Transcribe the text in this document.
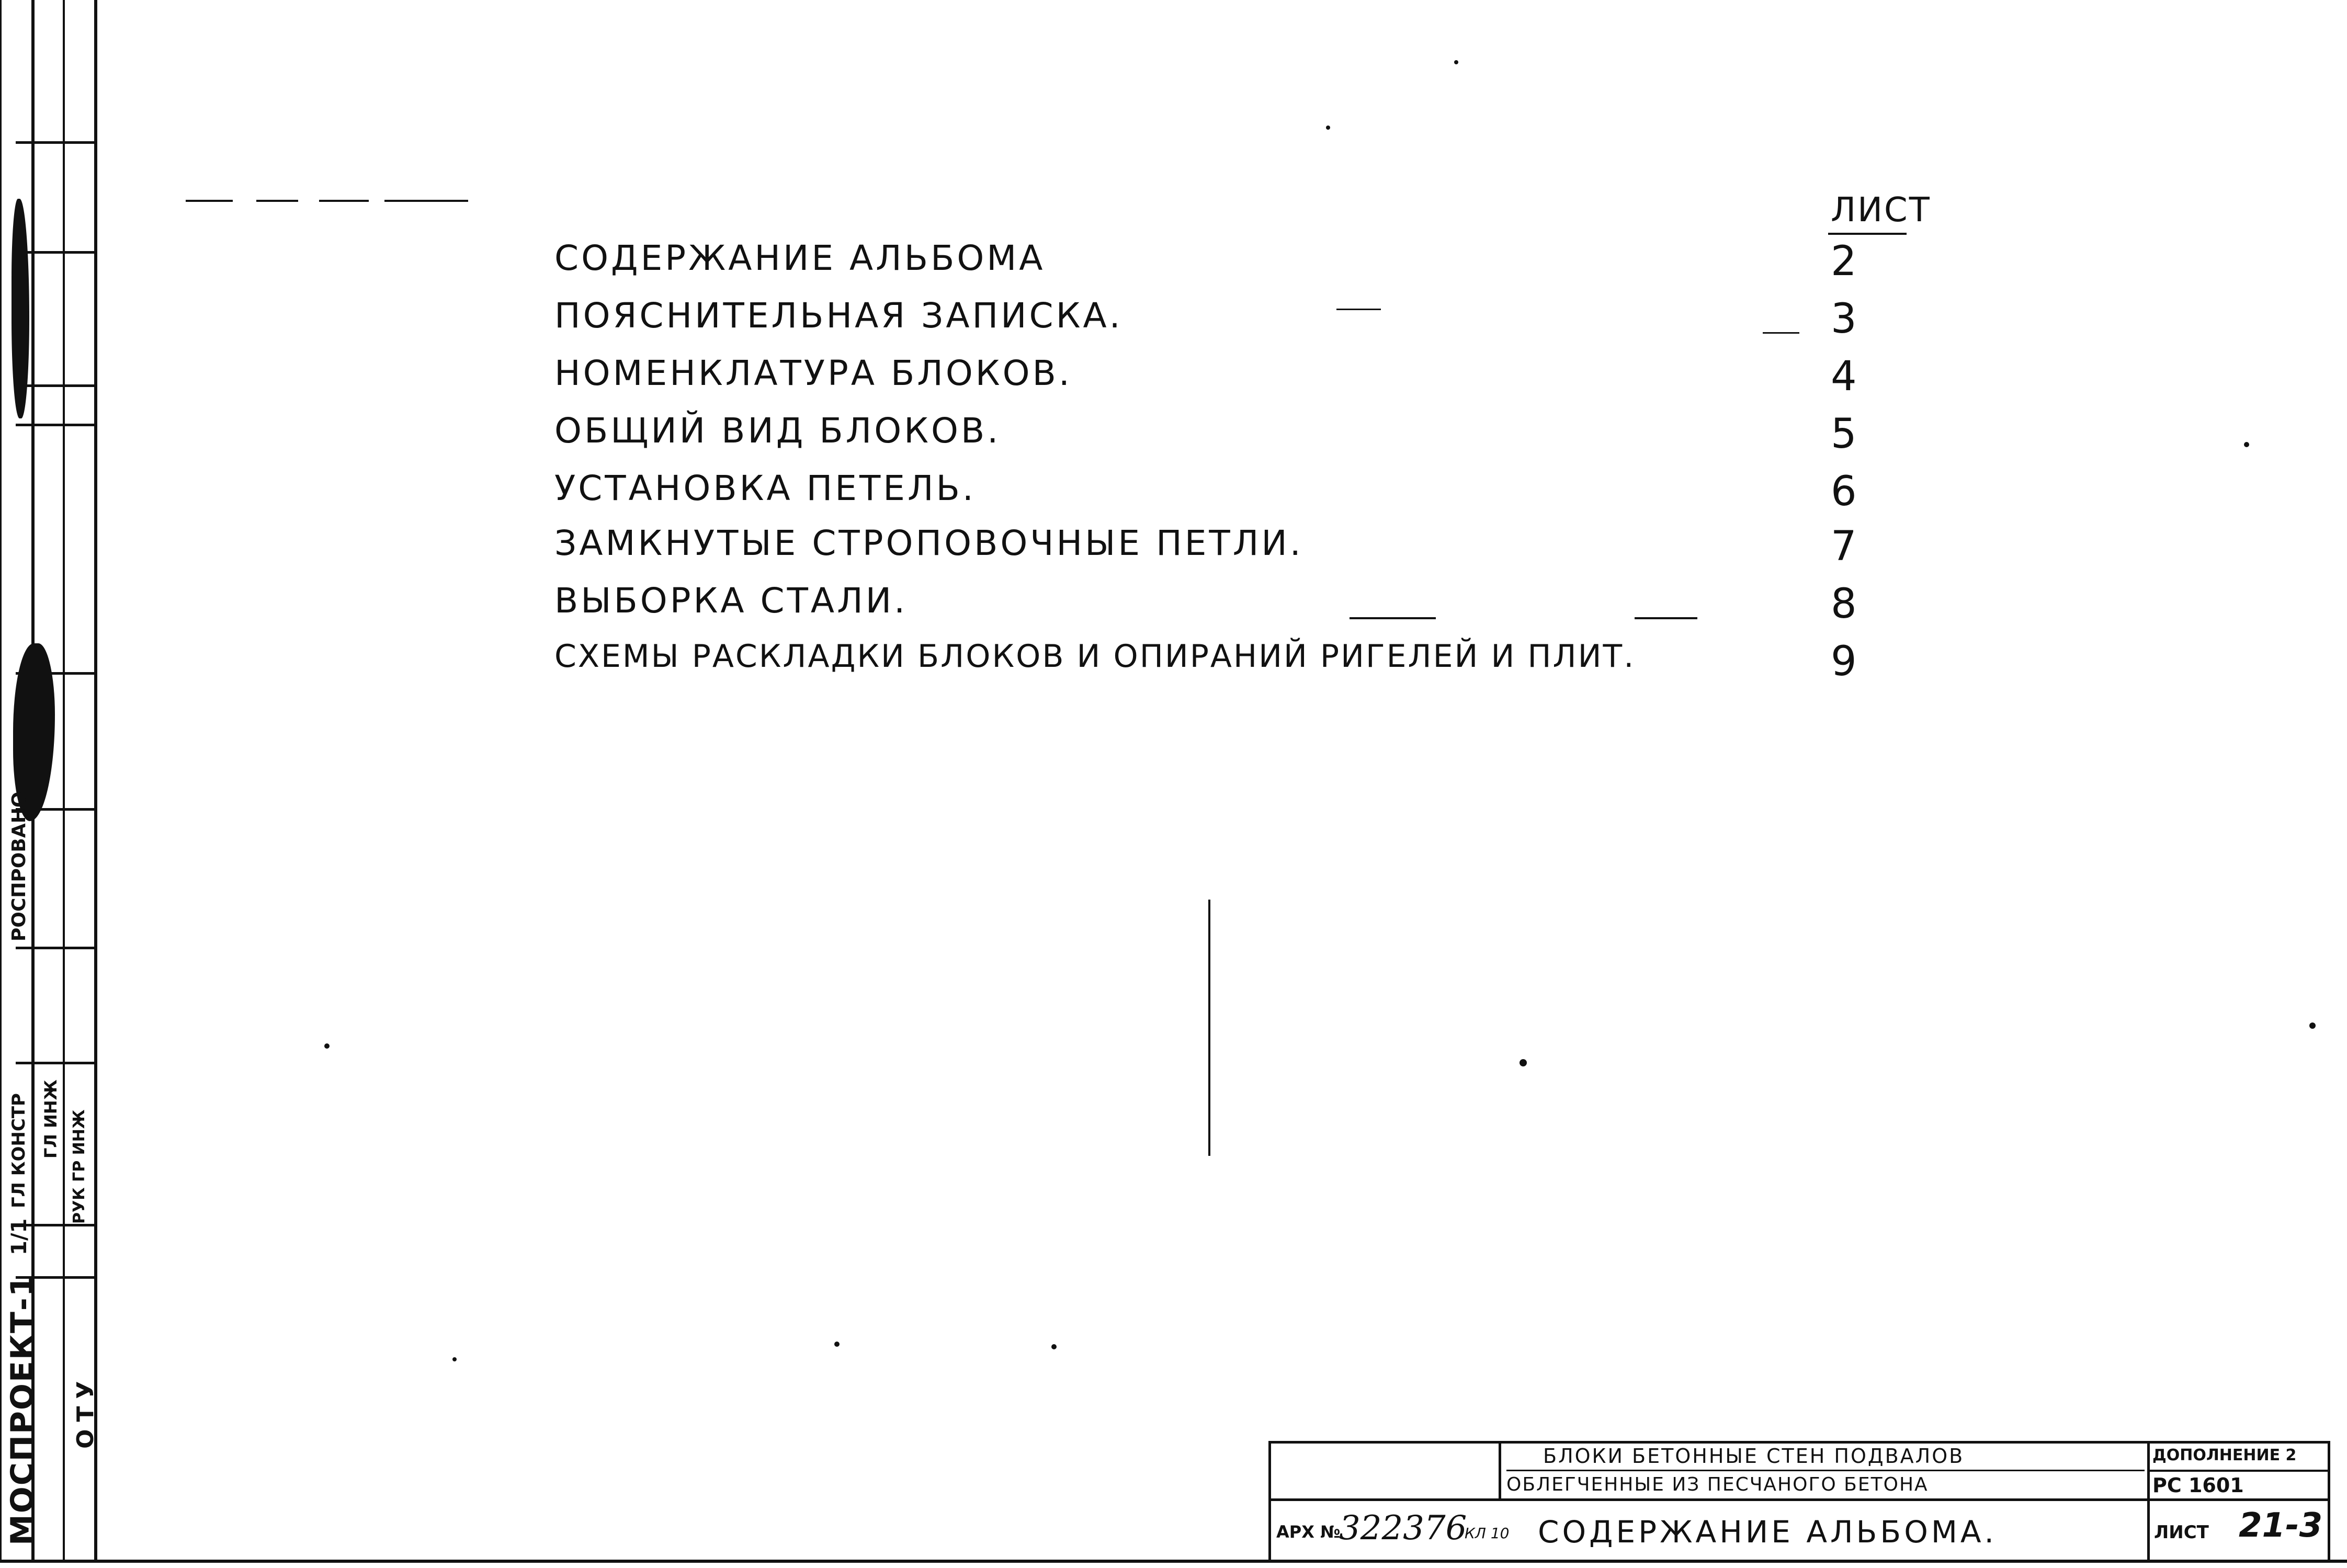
МОСПРОЕКТ-1 ОТУ
1/1
ГЛ КОНСТР ГЛ ИНЖ РУК ГР ИНЖ
РОСПРОВАНО
ЛИСТ
СОДЕРЖАНИЕ АЛЬБОМА	2
ПОЯСНИТЕЛЬНАЯ ЗАПИСКА.	3
НОМЕНКЛАТУРА БЛОКОВ.	4
ОБЩИЙ ВИД БЛОКОВ.	5
УСТАНОВКА ПЕТЕЛЬ.	6
ЗАМКНУТЫЕ СТРОПОВОЧНЫЕ ПЕТЛИ.	7
ВЫБОРКА СТАЛИ.	8
СХЕМЫ РАСКЛАДКИ БЛОКОВ И ОПИРАНИЙ РИГЕЛЕЙ И ПЛИТ.	9
БЛОКИ БЕТОННЫЕ СТЕН ПОДВАЛОВ
ОБЛЕГЧЕННЫЕ ИЗ ПЕСЧАНОГО БЕТОНА
ДОПОЛНЕНИЕ 2
РС 1601
АРХ №
322376
КЛ 10 СОДЕРЖАНИЕ АЛЬБОМА.	ЛИСТ 21-3
